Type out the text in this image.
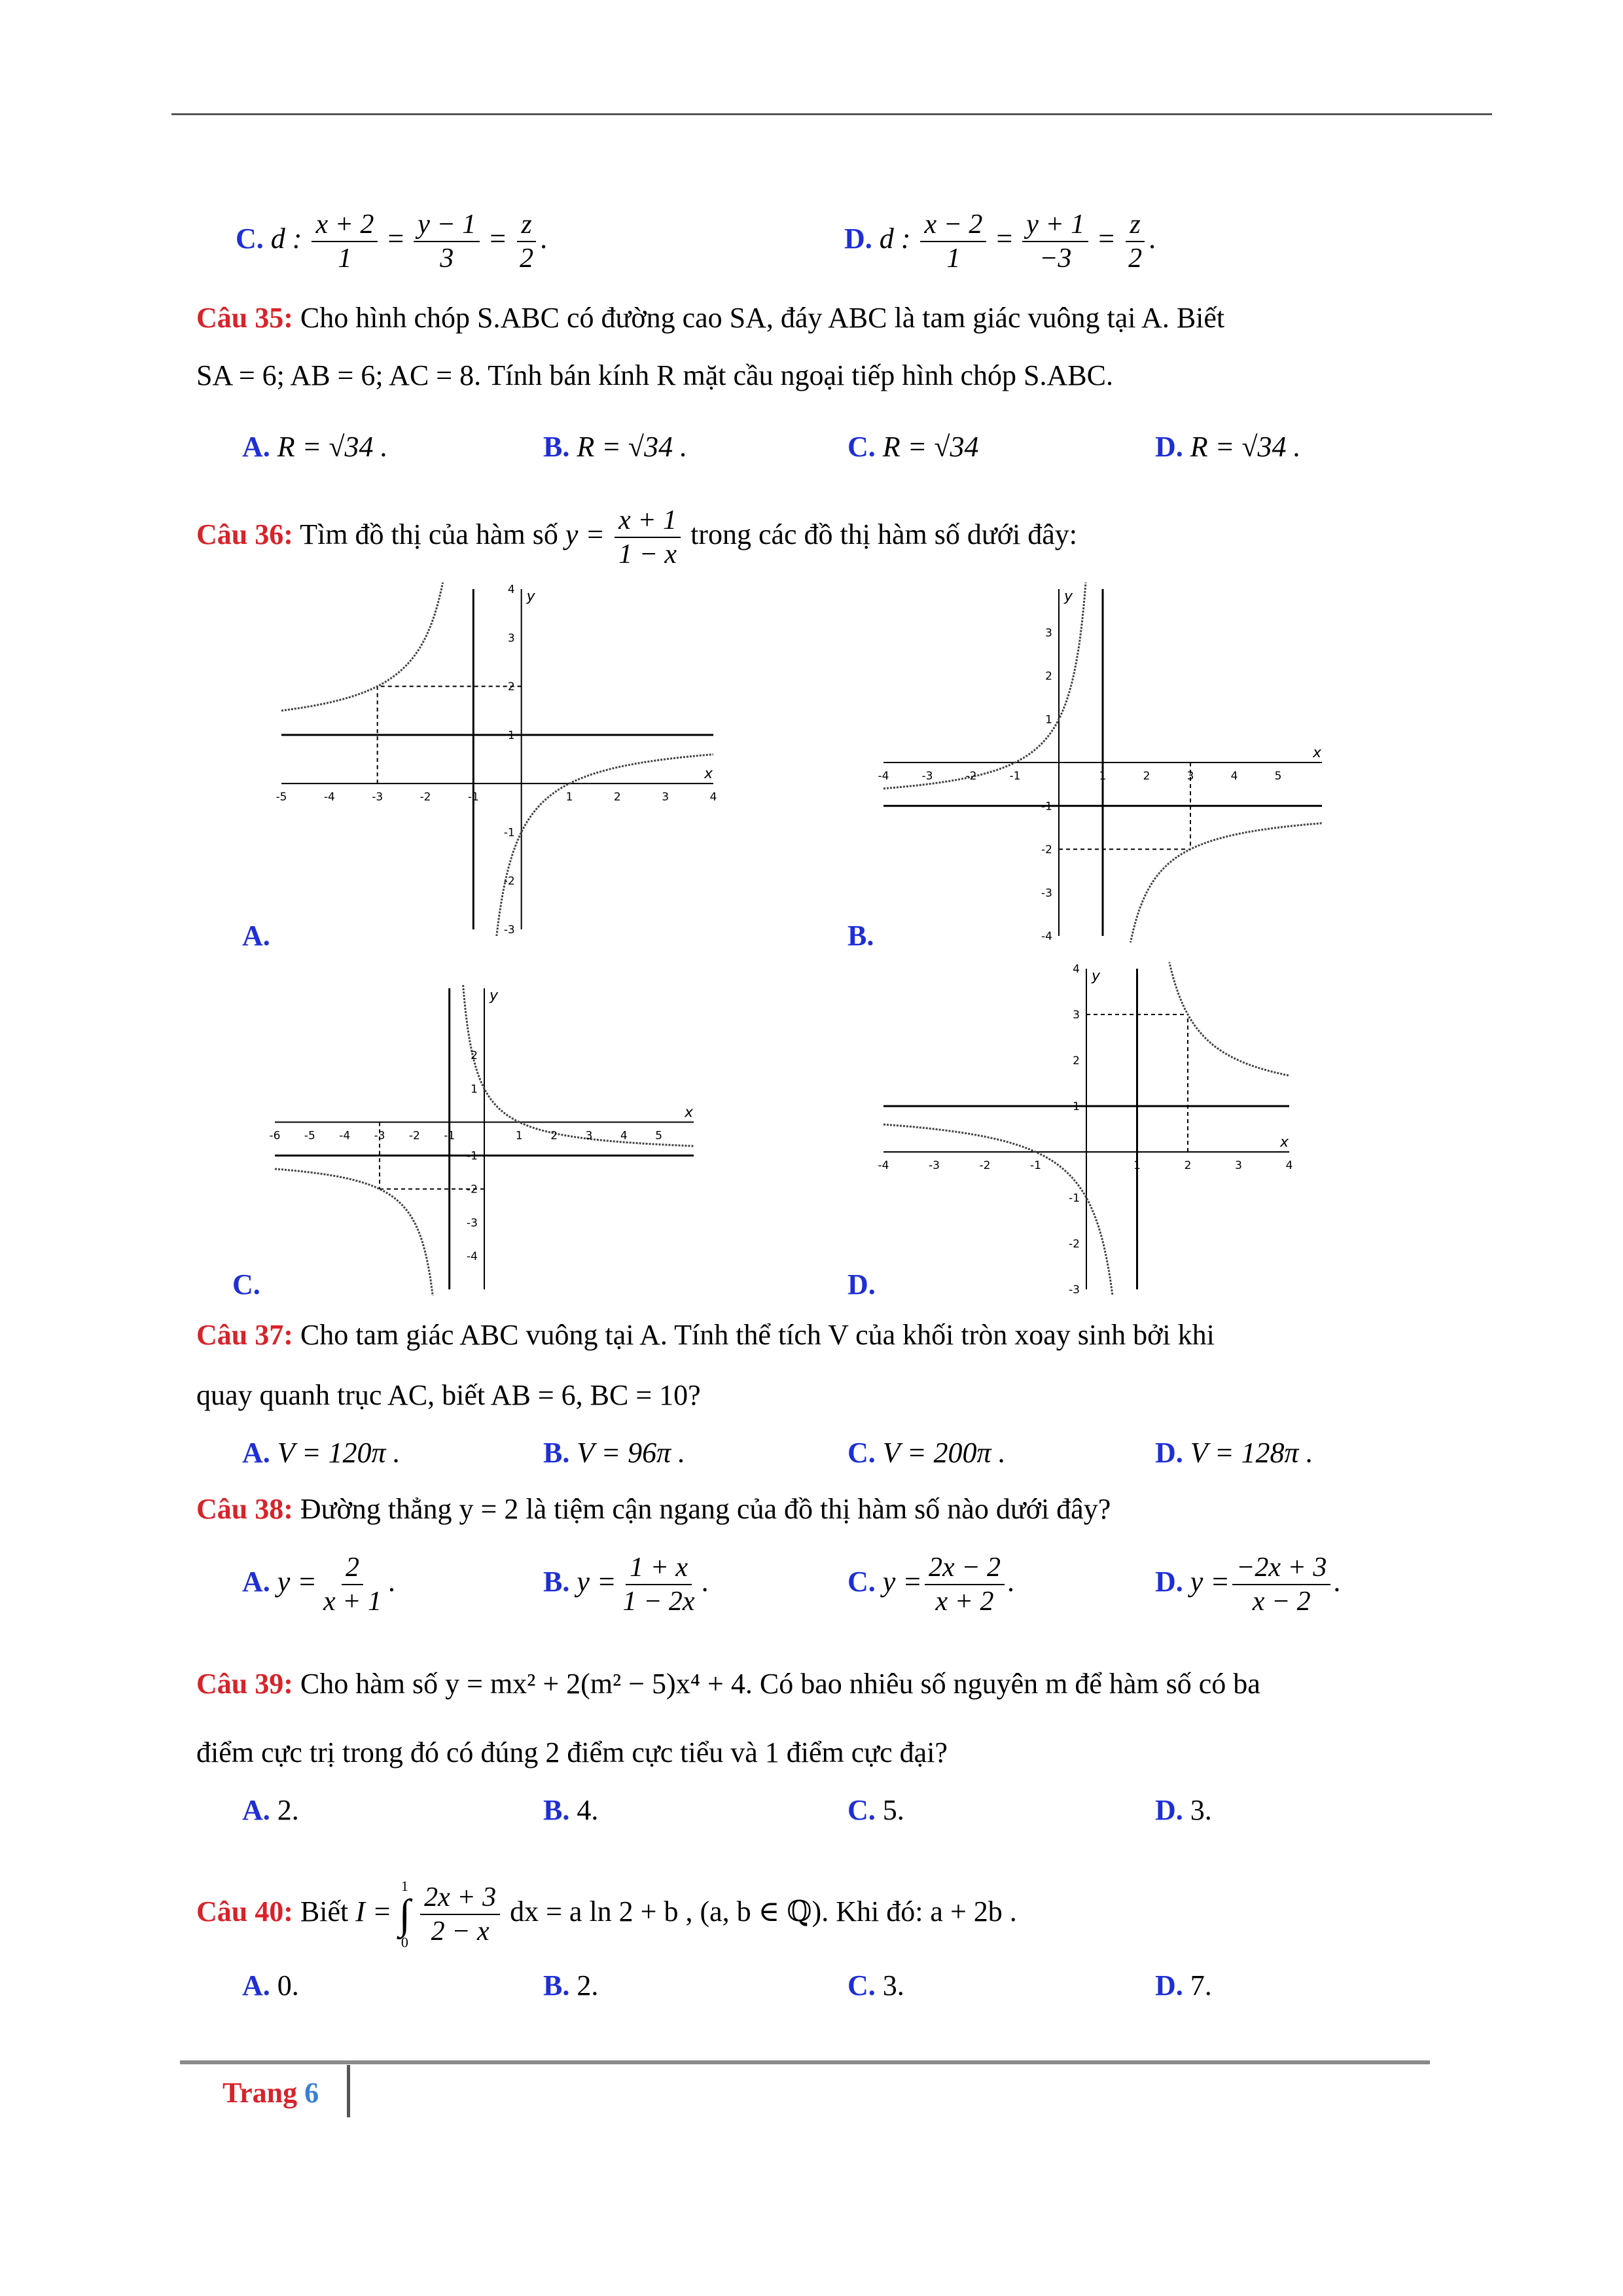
C. d : $\frac{x + 2}{1} = \frac{y - 1}{3} = \frac{z}{2}$ .	D. d : $\frac{x - 2}{1} = \frac{y + 1}{-3} = \frac{z}{2}$ .
Câu 35: Cho hình chóp S.ABC có đường cao SA, đáy ABC là tam giác vuông tại A. Biết
SA = 6; AB = 6; AC = 8. Tính bán kính R mặt cầu ngoại tiếp hình chóp S.ABC.
A. R = √34 .	B. R = √34 .	C. R = √34	D. R = √34 .
Câu 36: Tìm đồ thị của hàm số $y = \frac{x + 1}{1 - x}$ trong các đồ thị hàm số dưới đây:
-5	-4	-3	-2	-1	1	2	3	4
4
3
2
1
-1
-2
-3
x
y
-4	-3	-2	-1	1	2	3	4	5
3
2
1
-1
-2
-3
-4
x
y
-6 -5 -4 -3 -2 -1	1	2	3	4	5
2
1
-1
-2
-3
-4
x
y
-4	-3	-2	-1	1	2	3	4
4
3
2
1
-1
-2
-3
x
y
A.	B.
C.	D.
Câu 37: Cho tam giác ABC vuông tại A. Tính thể tích V của khối tròn xoay sinh bởi khi
quay quanh trục AC, biết AB = 6, BC = 10?
A. V = 120π .	B. V = 96π .	C. V = 200π .	D. V = 128π .
Câu 38: Đường thẳng y = 2 là tiệm cận ngang của đồ thị hàm số nào dưới đây?
A. $y = \frac{2}{x + 1}$ .	B. $y = \frac{1 + x}{1 - 2x}$ .	C. $y = \frac{2x - 2}{x + 2}$ .	D. $y = \frac{-2x + 3}{x - 2}$ .
Câu 39: Cho hàm số y = mx² + 2(m² − 5)x⁴ + 4. Có bao nhiêu số nguyên m để hàm số có ba
điểm cực trị trong đó có đúng 2 điểm cực tiểu và 1 điểm cực đại?
A. 2.	B. 4.	C. 5.	D. 3.
Câu 40: Biết I =
1
∫
0
$\frac{2x + 3}{2 - x}$ dx = a ln 2 + b , (a, b ∈ ℚ). Khi đó: a + 2b .
A. 0.	B. 2.	C. 3.	D. 7.
Trang 6
